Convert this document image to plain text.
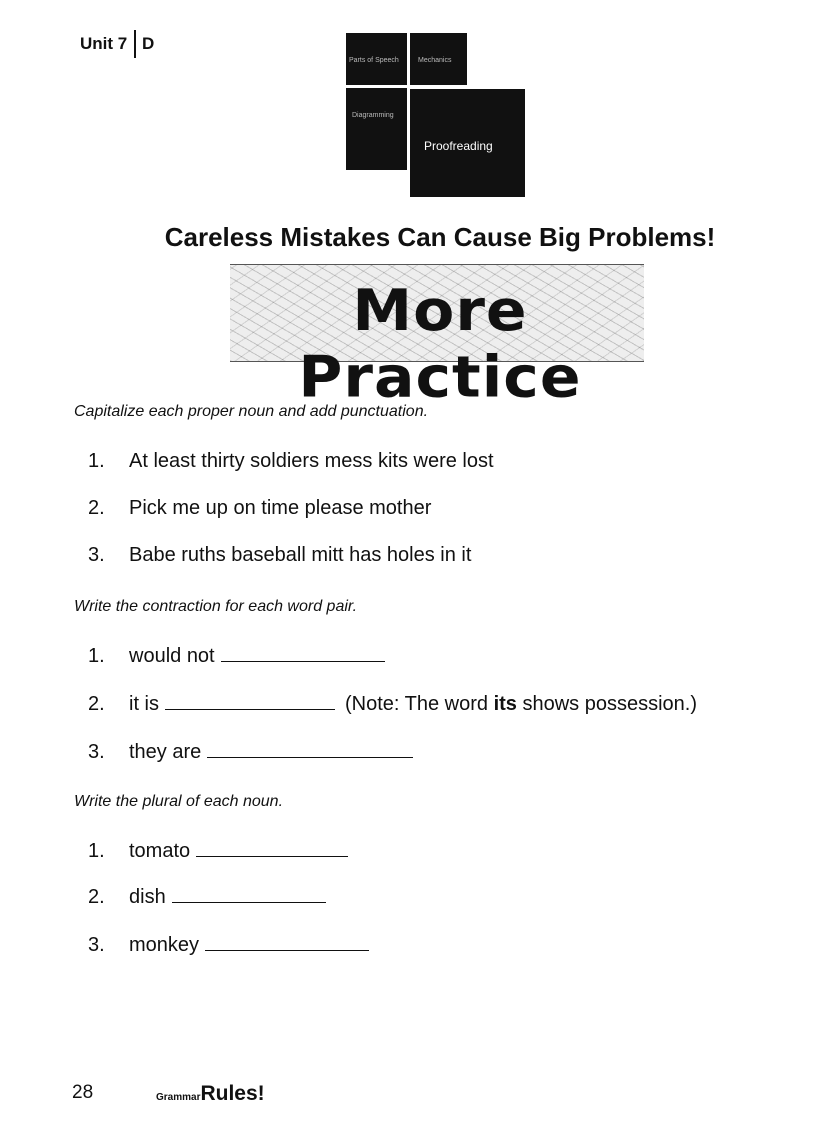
Unit 7 D
Parts of Speech	Mechanics
Diagramming
Proofreading
Careless Mistakes Can Cause Big Problems!
More Practice
Capitalize each proper noun and add punctuation.
1. At least thirty soldiers mess kits were lost
2. Pick me up on time please mother
3. Babe ruths baseball mitt has holes in it
Write the contraction for each word pair.
1. would not
2. it is	(Note: The word its shows possession.)
3. they are
Write the plural of each noun.
1. tomato
2. dish
3. monkey
28	GrammarRules!
